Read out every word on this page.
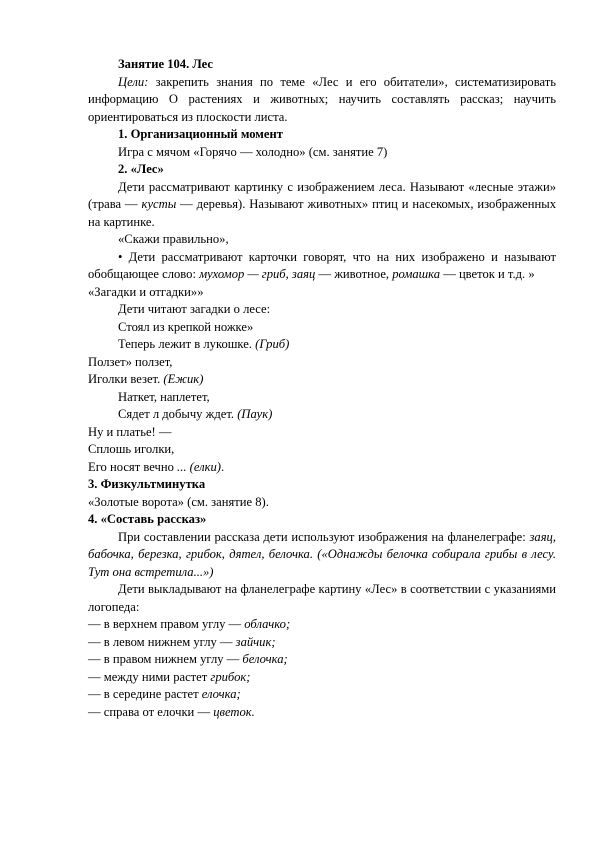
Занятие 104. Лес

Цели: закрепить знания по теме «Лес и его обитатели», систематизировать информацию О растениях и животных; научить составлять рассказ; научить ориентироваться из плоскости листа.

1. Организационный момент

Игра с мячом «Горячо — холодно» (см. занятие 7)

2. «Лес»

Дети рассматривают картинку с изображением леса. Называют «лесные этажи» (трава — кусты — деревья). Называют животных» птиц и насекомых, изображенных на картинке.

«Скажи правильно»,

• Дети рассматривают карточки говорят, что на них изображено и называют обобщающее слово: мухомор — гриб, заяц — животное, ромашка — цветок и т.д. »

«Загадки и отгадки»»

Дети читают загадки о лесе:

Стоял из крепкой ножке»

Теперь лежит в лукошке. (Гриб)

Ползет» ползет,

Иголки везет. (Ежик)

Наткет, наплетет,

Сядет л добычу ждет. (Паук)

Ну и платье! —

Сплошь иголки,

Его носят вечно ... (елки).

3. Физкультминутка

«Золотые ворота» (см. занятие 8).

4. «Составь рассказ»

При составлении рассказа дети используют изображения на фланелеграфе: заяц, бабочка, березка, грибок, дятел, белочка. («Однажды белочка собирала грибы в лесу. Тут она встретила...»)

Дети выкладывают на фланелеграфе картину «Лес» в соответствии с указаниями логопеда:

— в верхнем правом углу — облачко;

— в левом нижнем углу — зайчик;

— в правом нижнем углу — белочка;

— между ними растет грибок;

— в середине растет елочка;

— справа от елочки — цветок.
